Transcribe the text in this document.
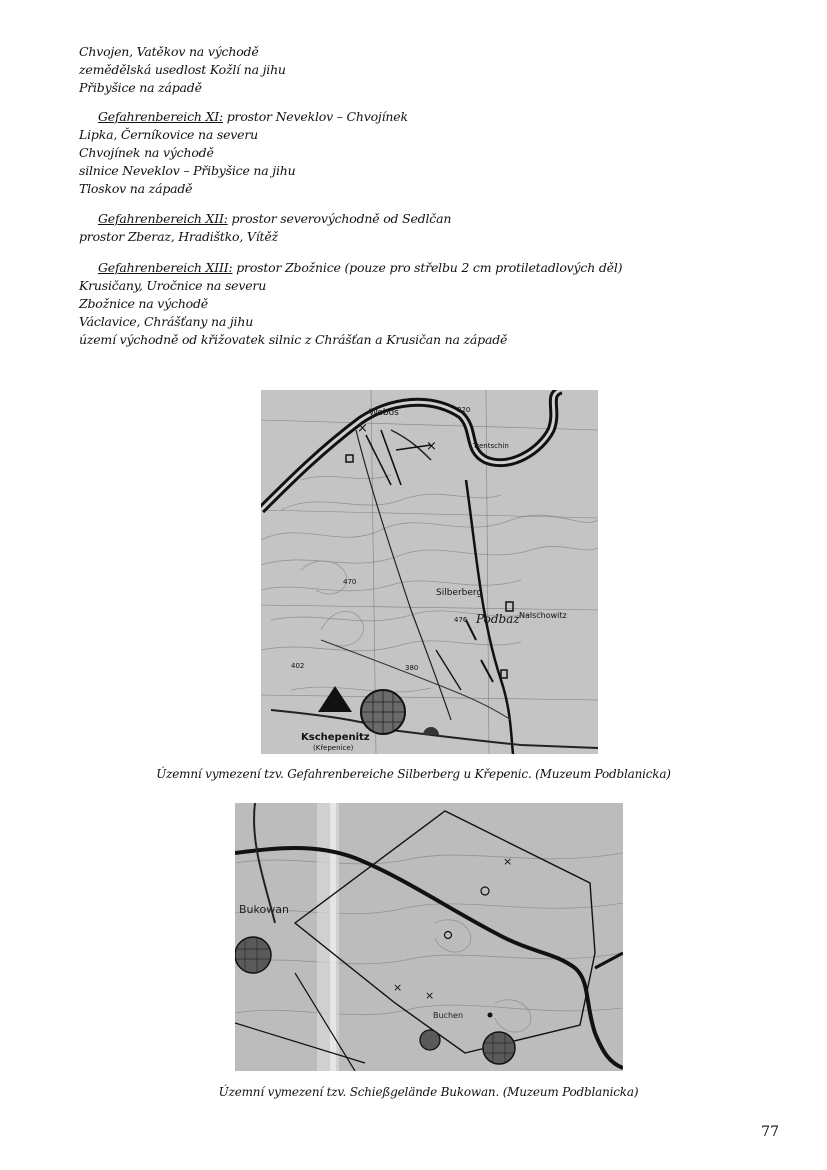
Chvojen, Vatěkov na východě
zemědělská usedlost Kožlí na jihu
Přibyšice na západě
Gefahrenbereich XI: prostor Neveklov – Chvojínek
Lipka, Černíkovice na severu
Chvojínek na východě
silnice Neveklov – Přibyšice na jihu
Tloskov na západě
Gefahrenbereich XII: prostor severovýchodně od Sedlčan
prostor Zberaz, Hradištko, Vítěž
Gefahrenbereich XIII: prostor Zbožnice (pouze pro střelbu 2 cm protiletadlových děl)
Krusičany, Uročnice na severu
Zbožnice na východě
Václavice, Chrášťany na jihu
území východně od křižovatek silnic z Chrášťan a Krusičan na západě
×
×
Wobos	220
Trentschin
Silberberg
476
470
Podbaz Nalschowitz
402	380
Kschepenitz
(Křepenice)
Územní vymezení tzv. Gefahrenbereiche Silberberg u Křepenic. (Muzeum Podblanicka)
×
×
×
Bukowan
Buchen
Územní vymezení tzv. Schießgelände Bukowan. (Muzeum Podblanicka)
77
